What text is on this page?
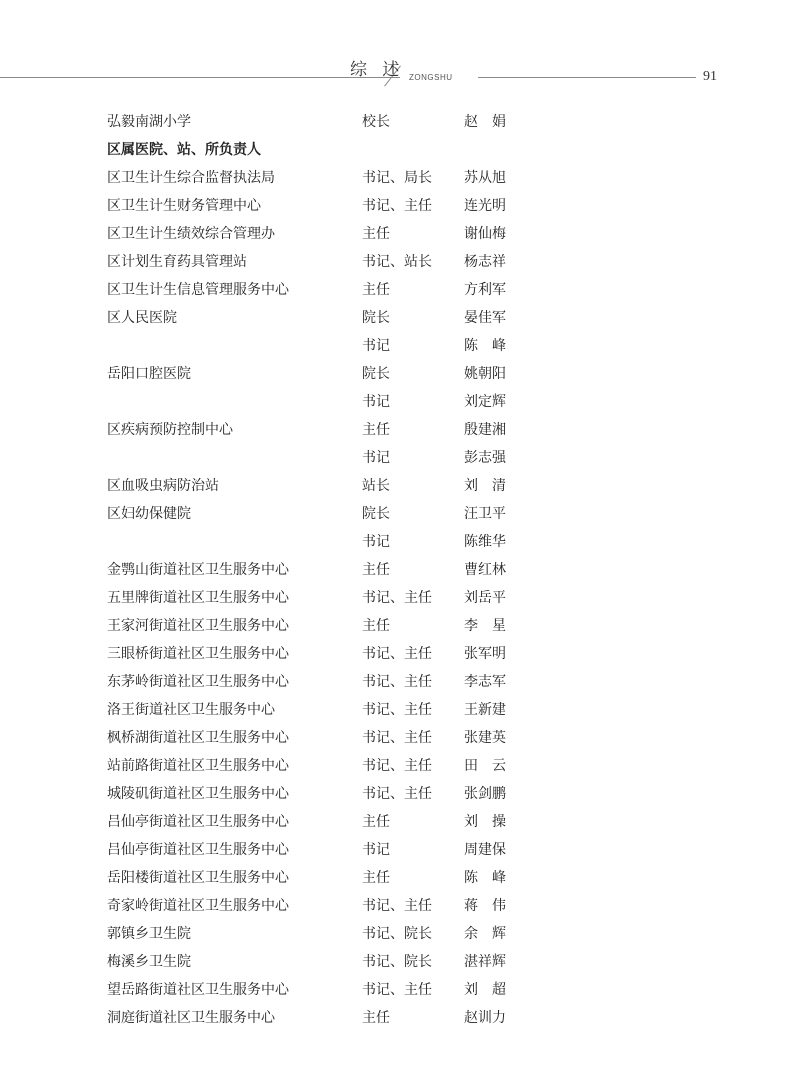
综 述 ZONGSHU	91
弘毅南湖小学	校长	赵　娟
区属医院、站、所负责人
区卫生计生综合监督执法局	书记、局长 苏从旭
区卫生计生财务管理中心	书记、主任 连光明
区卫生计生绩效综合管理办	主任	谢仙梅
区计划生育药具管理站	书记、站长 杨志祥
区卫生计生信息管理服务中心	主任	方利军
区人民医院	院长	晏佳军
书记	陈　峰
岳阳口腔医院	院长	姚朝阳
书记	刘定辉
区疾病预防控制中心	主任	殷建湘
书记	彭志强
区血吸虫病防治站	站长	刘　清
区妇幼保健院	院长	汪卫平
书记	陈维华
金鹗山街道社区卫生服务中心	主任	曹红林
五里牌街道社区卫生服务中心	书记、主任 刘岳平
王家河街道社区卫生服务中心	主任	李　星
三眼桥街道社区卫生服务中心	书记、主任 张军明
东茅岭街道社区卫生服务中心	书记、主任 李志军
洛王街道社区卫生服务中心	书记、主任 王新建
枫桥湖街道社区卫生服务中心	书记、主任 张建英
站前路街道社区卫生服务中心	书记、主任 田　云
城陵矶街道社区卫生服务中心	书记、主任 张剑鹏
吕仙亭街道社区卫生服务中心	主任	刘　操
吕仙亭街道社区卫生服务中心	书记	周建保
岳阳楼街道社区卫生服务中心	主任	陈　峰
奇家岭街道社区卫生服务中心	书记、主任 蒋　伟
郭镇乡卫生院	书记、院长 余　辉
梅溪乡卫生院	书记、院长 湛祥辉
望岳路街道社区卫生服务中心	书记、主任 刘　超
洞庭街道社区卫生服务中心	主任	赵训力
